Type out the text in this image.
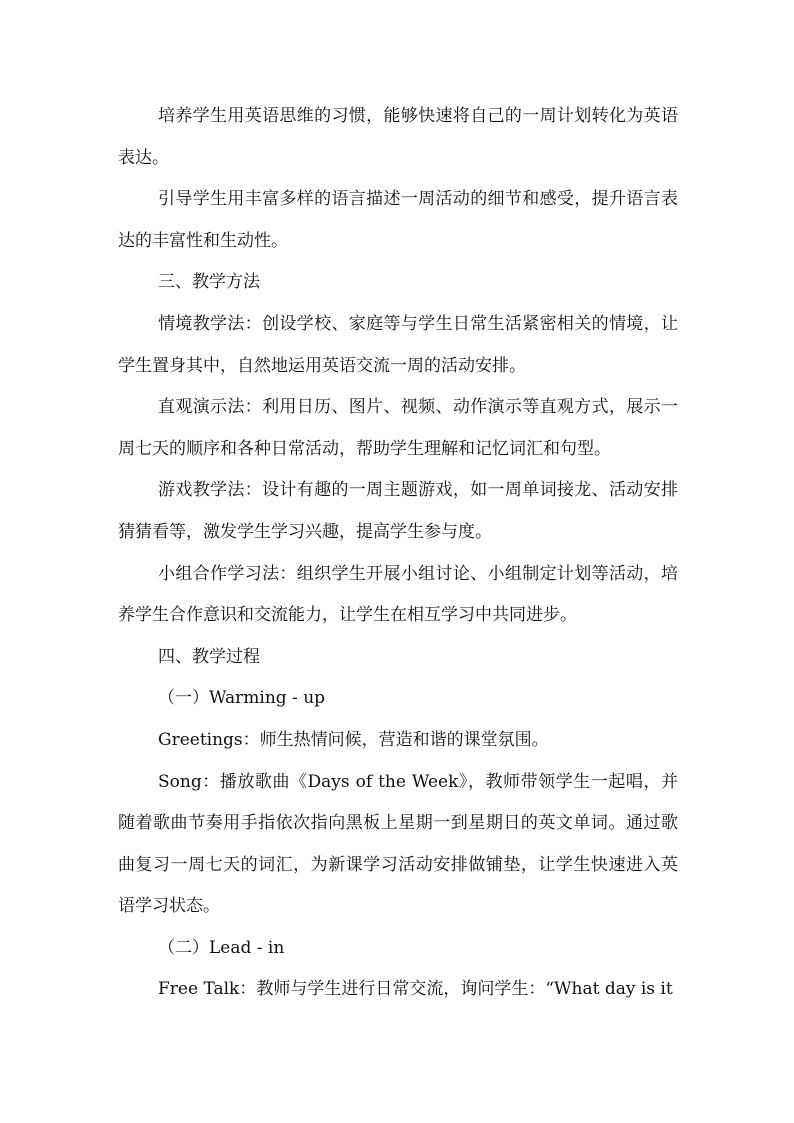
培养学生用英语思维的习惯，能够快速将自己的一周计划转化为英语表达。

引导学生用丰富多样的语言描述一周活动的细节和感受，提升语言表达的丰富性和生动性。

三、教学方法

情境教学法：创设学校、家庭等与学生日常生活紧密相关的情境，让学生置身其中，自然地运用英语交流一周的活动安排。

直观演示法：利用日历、图片、视频、动作演示等直观方式，展示一周七天的顺序和各种日常活动，帮助学生理解和记忆词汇和句型。

游戏教学法：设计有趣的一周主题游戏，如一周单词接龙、活动安排猜猜看等，激发学生学习兴趣，提高学生参与度。

小组合作学习法：组织学生开展小组讨论、小组制定计划等活动，培养学生合作意识和交流能力，让学生在相互学习中共同进步。

四、教学过程

（一）Warming - up

Greetings：师生热情问候，营造和谐的课堂氛围。

Song：播放歌曲《Days of the Week》，教师带领学生一起唱，并随着歌曲节奏用手指依次指向黑板上星期一到星期日的英文单词。通过歌曲复习一周七天的词汇，为新课学习活动安排做铺垫，让学生快速进入英语学习状态。

（二）Lead - in

Free Talk：教师与学生进行日常交流，询问学生：“What day is it
